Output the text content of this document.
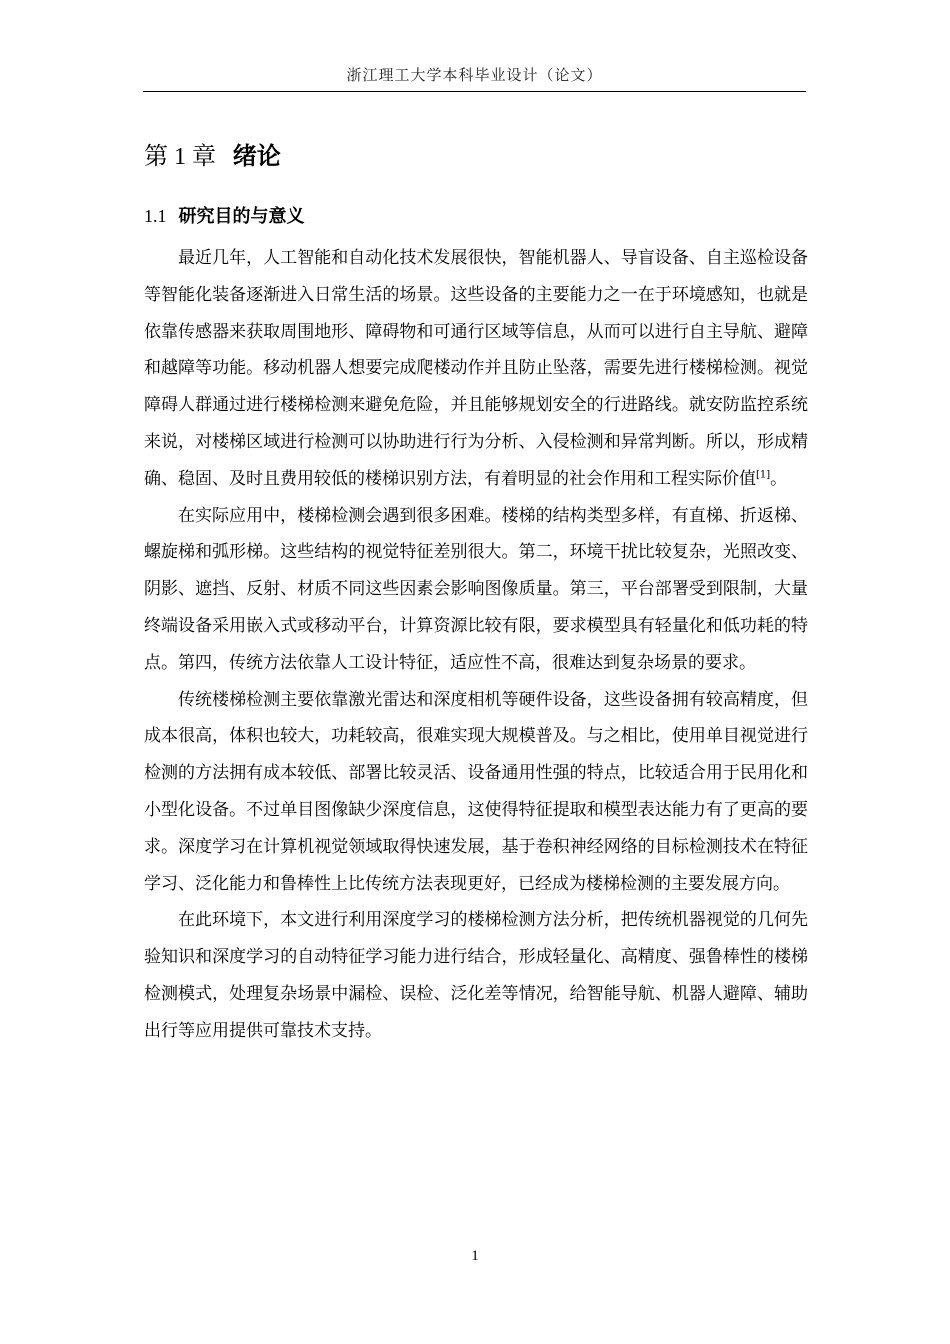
浙江理工大学本科毕业设计（论文）
第 1 章 绪论
1.1 研究目的与意义

最近几年，人工智能和自动化技术发展很快，智能机器人、导盲设备、自主巡检设备等智能化装备逐渐进入日常生活的场景。这些设备的主要能力之一在于环境感知，也就是依靠传感器来获取周围地形、障碍物和可通行区域等信息，从而可以进行自主导航、避障和越障等功能。移动机器人想要完成爬楼动作并且防止坠落，需要先进行楼梯检测。视觉障碍人群通过进行楼梯检测来避免危险，并且能够规划安全的行进路线。就安防监控系统来说，对楼梯区域进行检测可以协助进行行为分析、入侵检测和异常判断。所以，形成精确、稳固、及时且费用较低的楼梯识别方法，有着明显的社会作用和工程实际价值[1]。

在实际应用中，楼梯检测会遇到很多困难。楼梯的结构类型多样，有直梯、折返梯、螺旋梯和弧形梯。这些结构的视觉特征差别很大。第二，环境干扰比较复杂，光照改变、阴影、遮挡、反射、材质不同这些因素会影响图像质量。第三，平台部署受到限制，大量终端设备采用嵌入式或移动平台，计算资源比较有限，要求模型具有轻量化和低功耗的特点。第四，传统方法依靠人工设计特征，适应性不高，很难达到复杂场景的要求。

传统楼梯检测主要依靠激光雷达和深度相机等硬件设备，这些设备拥有较高精度，但成本很高，体积也较大，功耗较高，很难实现大规模普及。与之相比，使用单目视觉进行检测的方法拥有成本较低、部署比较灵活、设备通用性强的特点，比较适合用于民用化和小型化设备。不过单目图像缺少深度信息，这使得特征提取和模型表达能力有了更高的要求。深度学习在计算机视觉领域取得快速发展，基于卷积神经网络的目标检测技术在特征学习、泛化能力和鲁棒性上比传统方法表现更好，已经成为楼梯检测的主要发展方向。

在此环境下，本文进行利用深度学习的楼梯检测方法分析，把传统机器视觉的几何先验知识和深度学习的自动特征学习能力进行结合，形成轻量化、高精度、强鲁棒性的楼梯检测模式，处理复杂场景中漏检、误检、泛化差等情况，给智能导航、机器人避障、辅助出行等应用提供可靠技术支持。

1
